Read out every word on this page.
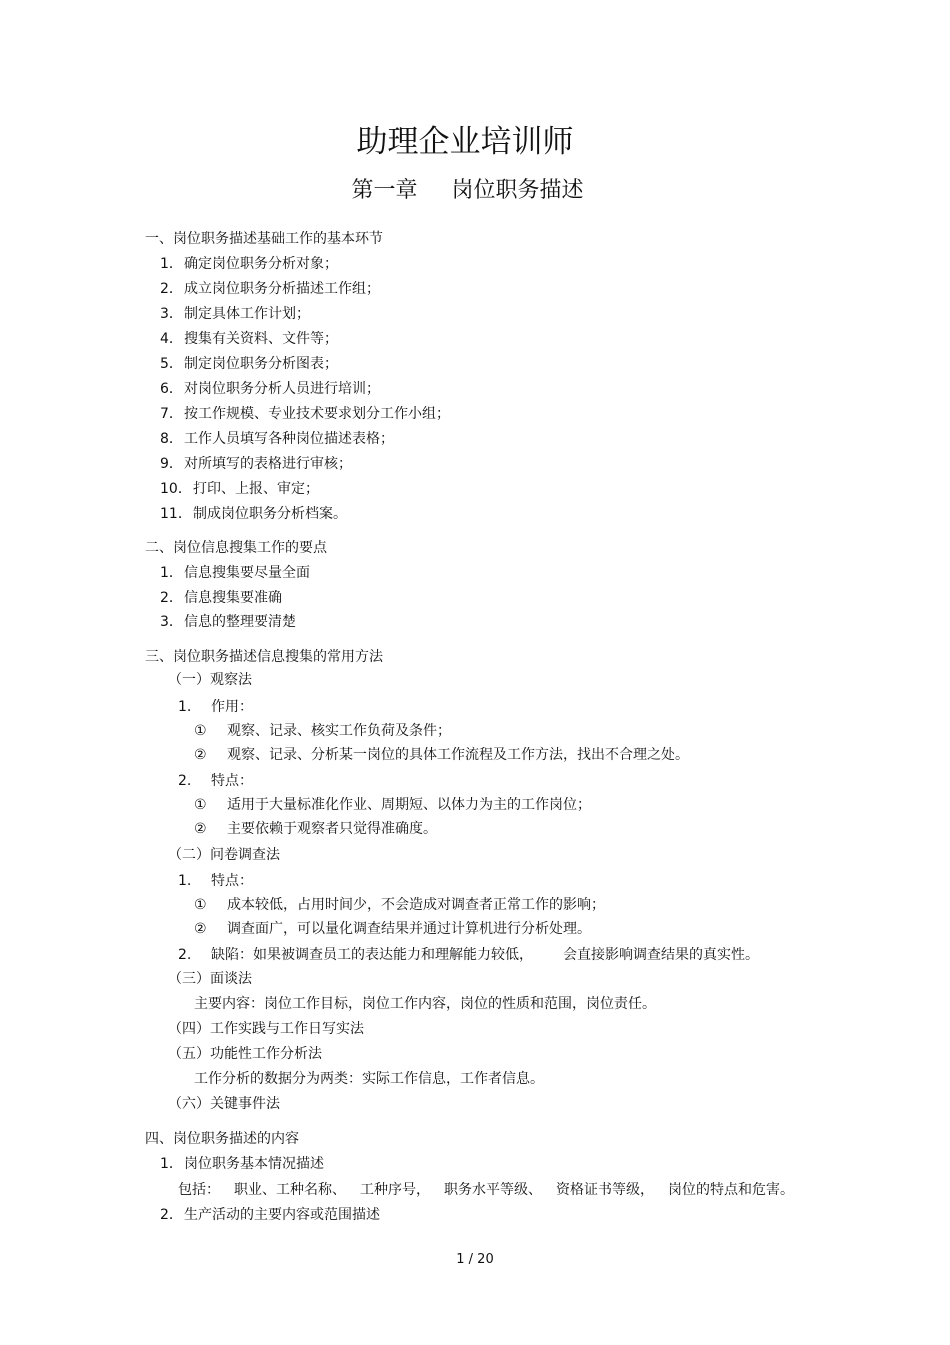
助理企业培训师
第一章 岗位职务描述
一、岗位职务描述基础工作的基本环节
1．确定岗位职务分析对象；
2．成立岗位职务分析描述工作组；
3．制定具体工作计划；
4．搜集有关资料、文件等；
5．制定岗位职务分析图表；
6．对岗位职务分析人员进行培训；
7．按工作规模、专业技术要求划分工作小组；
8．工作人员填写各种岗位描述表格；
9．对所填写的表格进行审核；
10．打印、上报、审定；
11．制成岗位职务分析档案。
二、岗位信息搜集工作的要点
1．信息搜集要尽量全面
2．信息搜集要准确
3．信息的整理要清楚
三、岗位职务描述信息搜集的常用方法
（一）观察法
1. 作用：
① 观察、记录、核实工作负荷及条件；
② 观察、记录、分析某一岗位的具体工作流程及工作方法，找出不合理之处。
2. 特点：
① 适用于大量标准化作业、周期短、以体力为主的工作岗位；
② 主要依赖于观察者只觉得准确度。
（二）问卷调查法
1. 特点：
① 成本较低，占用时间少，不会造成对调查者正常工作的影响；
② 调查面广，可以量化调查结果并通过计算机进行分析处理。
2. 缺陷：如果被调查员工的表达能力和理解能力较低， 会直接影响调查结果的真实性。
（三）面谈法
主要内容：岗位工作目标，岗位工作内容，岗位的性质和范围，岗位责任。
（四）工作实践与工作日写实法
（五）功能性工作分析法
工作分析的数据分为两类：实际工作信息，工作者信息。
（六）关键事件法
四、岗位职务描述的内容
1．岗位职务基本情况描述
包括： 职业、工种名称、 工种序号， 职务水平等级、 资格证书等级， 岗位的特点和危害。
2．生产活动的主要内容或范围描述
1 / 20
